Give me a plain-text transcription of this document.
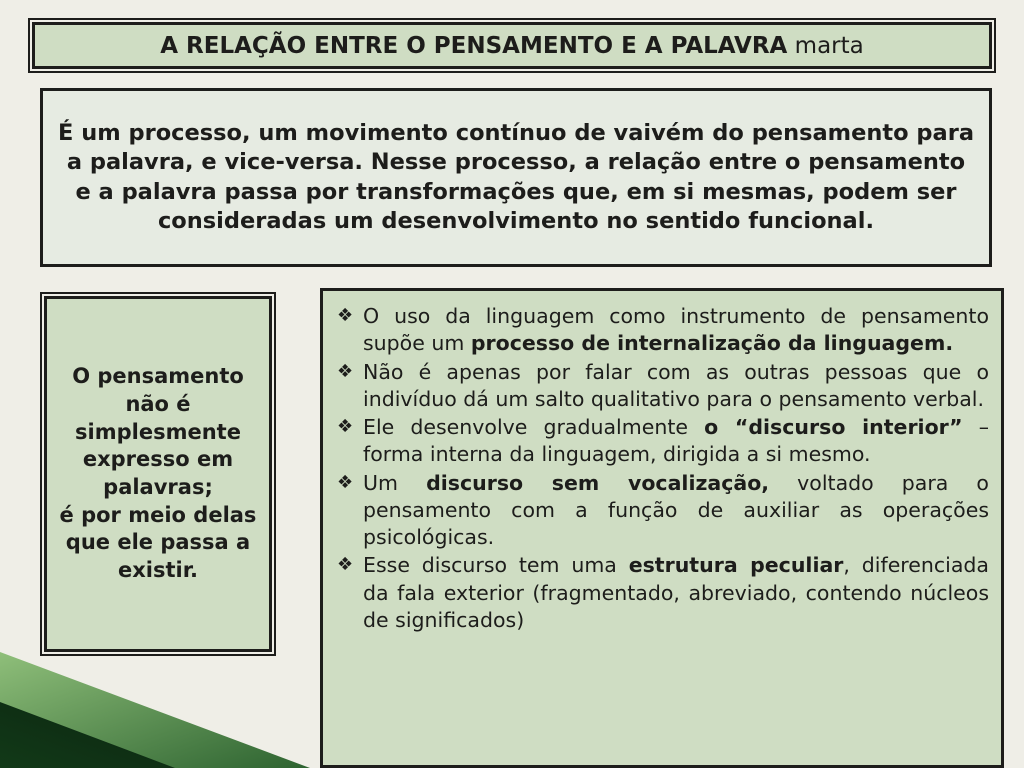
A RELAÇÃO ENTRE O PENSAMENTO E A PALAVRA marta
É um processo, um movimento contínuo de vaivém do pensamento para a palavra, e vice-versa. Nesse processo, a relação entre o pensamento e a palavra passa por transformações que, em si mesmas, podem ser consideradas um desenvolvimento no sentido funcional.
O pensamento não é simplesmente expresso em palavras;
é por meio delas que ele passa a existir.
❖ O uso da linguagem como instrumento de pensamento supõe um processo de internalização da linguagem.
❖ Não é apenas por falar com as outras pessoas que o indivíduo dá um salto qualitativo para o pensamento verbal.
❖ Ele desenvolve gradualmente o “discurso interior” – forma interna da linguagem, dirigida a si mesmo.
❖ Um discurso sem vocalização, voltado para o pensamento com a função de auxiliar as operações psicológicas.
❖ Esse discurso tem uma estrutura peculiar, diferenciada da fala exterior (fragmentado, abreviado, contendo núcleos de significados)
